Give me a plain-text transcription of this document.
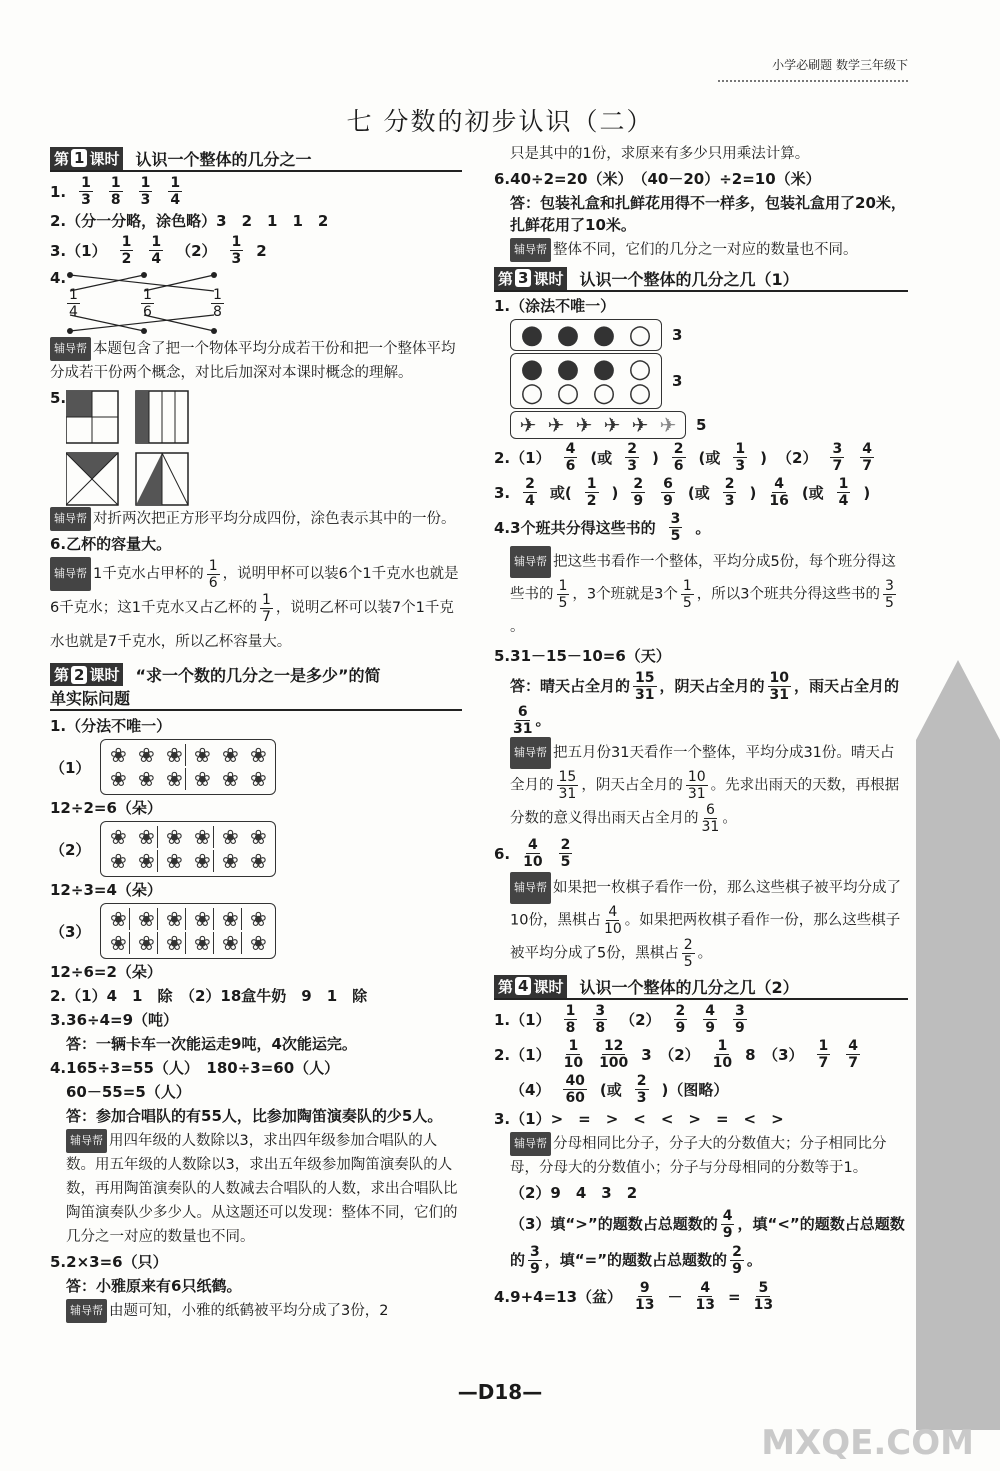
小学必刷题 数学三年级下
七 分数的初步认识（二）
第 1 课时 认识一个整体的几分之一
1. $\frac{1}{3} \frac{1}{8} \frac{1}{3} \frac{1}{4}$
2.（分一分略，涂色略）3　2　1　1　2
$3.(1) \frac{1}{2} \frac{1}{4} (2) \frac{1}{3} 2$
4.
$\frac{1}{4}$	$\frac{1}{6}$	$\frac{1}{8}$
辅导帮 本题包含了把一个物体平均分成若干份和把一个整体平均分成若干份两个概念，对比后加深对本课时概念的理解。
5.
辅导帮 对折两次把正方形平均分成四份，涂色表示其中的一份。
6.乙杯的容量大。
辅导帮 1千克水占甲杯的 $\frac{1}{6}$ ，说明甲杯可以装6个1千克水也就是6千克水；这1千克水又占乙杯的 $\frac{1}{7}$ ，说明乙杯可以装7个1千克水也就是7千克水，所以乙杯容量大。
第 2 课时 “求一个数的几分之一是多少”的简
单实际问题
1.（分法不唯一）
（1）
❀ ❀ ❀ ❀ ❀ ❀
❀ ❀ ❀ ❀ ❀ ❀
12÷2=6（朵）
（2）
❀ ❀ ❀ ❀ ❀ ❀
❀ ❀ ❀ ❀ ❀ ❀
12÷3=4（朵）
（3）
❀ ❀ ❀ ❀ ❀ ❀
❀ ❀ ❀ ❀ ❀ ❀
12÷6=2（朵）
2.（1）4　1　除　（2）18盒牛奶　9　1　除
3.36÷4=9（吨）
答：一辆卡车一次能运走9吨，4次能运完。
4.165÷3=55（人）　180÷3=60（人）
60－55=5（人）
答：参加合唱队的有55人，比参加陶笛演奏队的少5人。
辅导帮 用四年级的人数除以3，求出四年级参加合唱队的人数。用五年级的人数除以3，求出五年级参加陶笛演奏队的人数，再用陶笛演奏队的人数减去合唱队的人数，求出合唱队比陶笛演奏队少多少人。从这题还可以发现：整体不同，它们的几分之一对应的数量也不同。
5.2×3=6（只）
答：小雅原来有6只纸鹤。
辅导帮 由题可知，小雅的纸鹤被平均分成了3份，2
只是其中的1份，求原来有多少只用乘法计算。
6.40÷2=20（米）　（40－20）÷2=10（米）
答：包装礼盒和扎鲜花用得不一样多，包装礼盒用了20米，扎鲜花用了10米。
辅导帮 整体不同，它们的几分之一对应的数量也不同。
第 3 课时 认识一个整体的几分之几（1）
1.（涂法不唯一）
● ● ● ○ 3
● ● ● ○
○ ○ ○ ○ 3
✈ ✈ ✈ ✈ ✈ ✈ 5
$2.(1) \frac{4}{6}$ (或 $\frac{2}{3}$ ) $\frac{2}{6}$ (或 $\frac{1}{3}$ ) $(2) \frac{3}{7} \frac{4}{7}$
3. $\frac{2}{4}$ 或( $\frac{1}{2}$ ) $\frac{2}{9} \frac{6}{9}$ (或 $\frac{2}{3}$ ) $\frac{4}{16}$ (或 $\frac{1}{4}$ )
4.3个班共分得这些书的 $\frac{3}{5}$ 。
辅导帮 把这些书看作一个整体，平均分成5份，每个班分得这些书的 $\frac{1}{5}$ ，3个班就是3个 $\frac{1}{5}$ ，所以3个班共分得这些书的 $\frac{3}{5}$
。
5.31－15－10=6（天）
答：晴天占全月的 $\frac{15}{31}$ ，阴天占全月的 $\frac{10}{31}$ ，雨天占全月的
$\frac{6}{31}$ 。
辅导帮 把五月份31天看作一个整体，平均分成31份。晴天占全月的 $\frac{15}{31}$ ，阴天占全月的 $\frac{10}{31}$ 。先求出雨天的天数，再根据分数的意义得出雨天占全月的 $\frac{6}{31}$ 。
6. $\frac{4}{10} \frac{2}{5}$
辅导帮 如果把一枚棋子看作一份，那么这些棋子被平均分成了10份，黑棋占 $\frac{4}{10}$ 。如果把两枚棋子看作一份，那么这些棋子被平均分成了5份，黑棋占 $\frac{2}{5}$ 。
第 4 课时 认识一个整体的几分之几（2）
$1.(1) \frac{1}{8} \frac{3}{8} (2) \frac{2}{9} \frac{4}{9} \frac{3}{9}$
$2.(1) \frac{1}{10} \frac{12}{100} 3$　$(2) \frac{1}{10} 8$　$(3) \frac{1}{7} \frac{4}{7}$
$(4) \frac{40}{60}$ (或 $\frac{2}{3}$ )（图略）
3.（1）>　=　>　<　<　>　=　<　>
辅导帮 分母相同比分子，分子大的分数值大；分子相同比分母，分母大的分数值小；分子与分母相同的分数等于1。
（2）9　4　3　2
（3）填“>”的题数占总题数的 $\frac{4}{9}$ ，填“<”的题数占总题数的 $\frac{3}{9}$ ，填“=”的题数占总题数的 $\frac{2}{9}$ 。
4.9+4=13（盆） $\frac{9}{13} - \frac{4}{13} = \frac{5}{13}$
—D18—
MXQE.COM
